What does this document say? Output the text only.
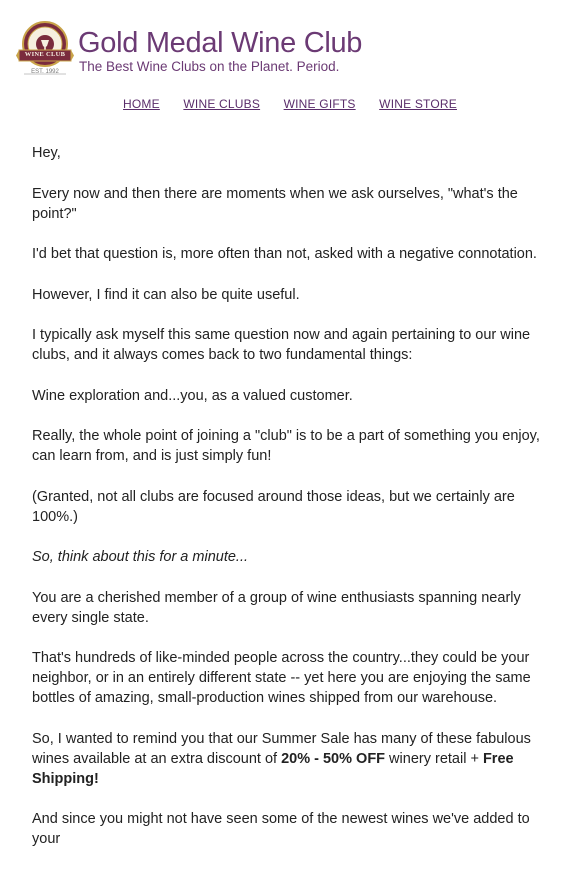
WINE CLUB
EST. 1992
Gold Medal Wine Club
The Best Wine Clubs on the Planet. Period.
HOME WINE CLUBS WINE GIFTS WINE STORE

Hey,

Every now and then there are moments when we ask ourselves, "what's the point?"

I'd bet that question is, more often than not, asked with a negative connotation.

However, I find it can also be quite useful.

I typically ask myself this same question now and again pertaining to our wine clubs, and it always comes back to two fundamental things:

Wine exploration and...you, as a valued customer.

Really, the whole point of joining a "club" is to be a part of something you enjoy, can learn from, and is just simply fun!

(Granted, not all clubs are focused around those ideas, but we certainly are 100%.)

So, think about this for a minute...

You are a cherished member of a group of wine enthusiasts spanning nearly every single state.

That's hundreds of like-minded people across the country...they could be your neighbor, or in an entirely different state -- yet here you are enjoying the same bottles of amazing, small-production wines shipped from our warehouse.

So, I wanted to remind you that our Summer Sale has many of these fabulous wines available at an extra discount of 20% - 50% OFF winery retail + Free Shipping!

And since you might not have seen some of the newest wines we've added to your
